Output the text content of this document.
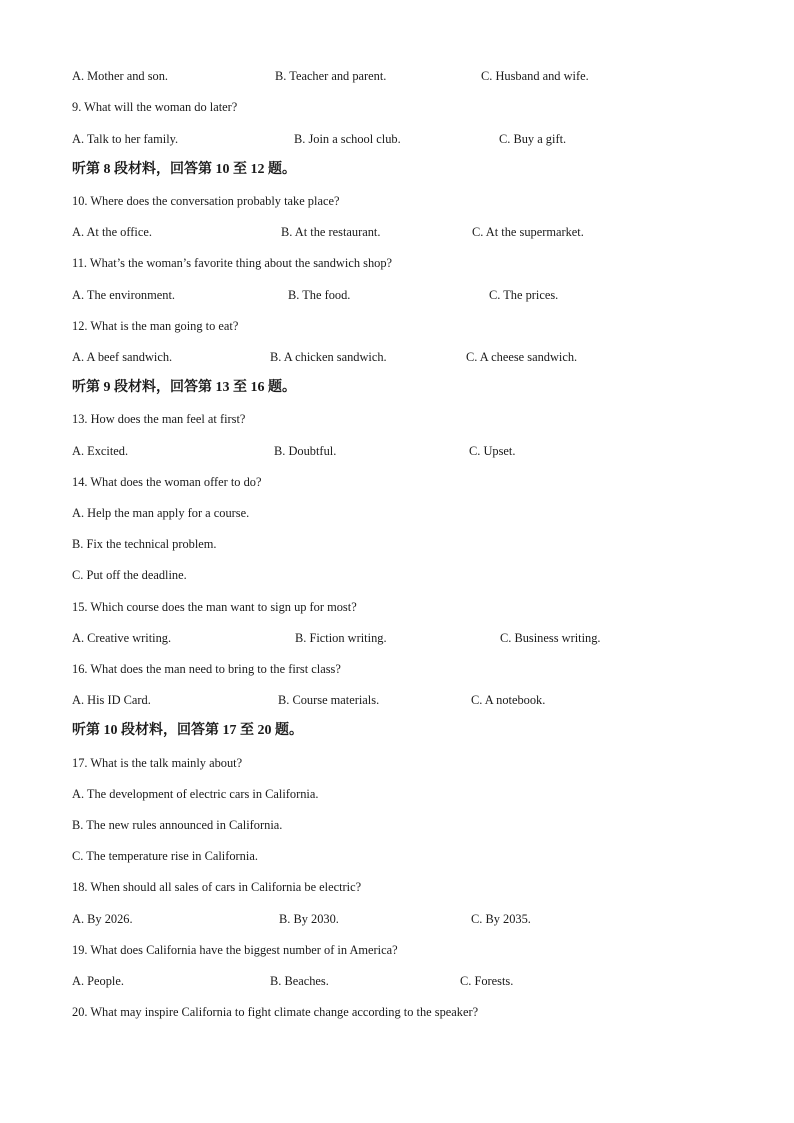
A. Mother and son.	B. Teacher and parent.	C. Husband and wife.
9. What will the woman do later?
A. Talk to her family.	B. Join a school club.	C. Buy a gift.
听第 8 段材料，回答第 10 至 12 题。
10. Where does the conversation probably take place?
A. At the office.	B. At the restaurant.	C. At the supermarket.
11. What’s the woman’s favorite thing about the sandwich shop?
A. The environment.	B. The food.	C. The prices.
12. What is the man going to eat?
A. A beef sandwich.	B. A chicken sandwich.	C. A cheese sandwich.
听第 9 段材料，回答第 13 至 16 题。
13. How does the man feel at first?
A. Excited.	B. Doubtful.	C. Upset.
14. What does the woman offer to do?
A. Help the man apply for a course.
B. Fix the technical problem.
C. Put off the deadline.
15. Which course does the man want to sign up for most?
A. Creative writing.	B. Fiction writing.	C. Business writing.
16. What does the man need to bring to the first class?
A. His ID Card.	B. Course materials.	C. A notebook.
听第 10 段材料，回答第 17 至 20 题。
17. What is the talk mainly about?
A. The development of electric cars in California.
B. The new rules announced in California.
C. The temperature rise in California.
18. When should all sales of cars in California be electric?
A. By 2026.	B. By 2030.	C. By 2035.
19. What does California have the biggest number of in America?
A. People.	B. Beaches.	C. Forests.
20. What may inspire California to fight climate change according to the speaker?
